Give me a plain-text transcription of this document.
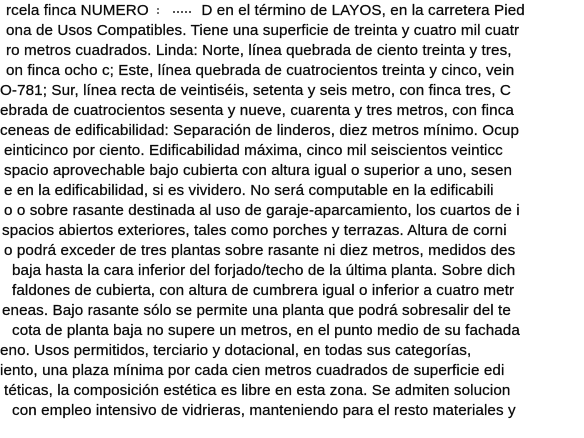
rcela finca NUMERO	D en el término de LAYOS, en la carretera Pied
ona de Usos Compatibles. Tiene una superficie de treinta y cuatro mil cuatr
ro metros cuadrados. Linda: Norte, línea quebrada de ciento treinta y tres,
on finca ocho c; Este, línea quebrada de cuatrocientos treinta y cinco, vein
O-781; Sur, línea recta de veintiséis, setenta y seis metro, con finca tres, C
ebrada de cuatrocientos sesenta y nueve, cuarenta y tres metros, con finca
ceneas de edificabilidad: Separación de linderos, diez metros mínimo. Ocup
einticinco por ciento. Edificabilidad máxima, cinco mil seiscientos veinticc
spacio aprovechable bajo cubierta con altura igual o superior a uno, sesen
e en la edificabilidad, si es vividero. No será computable en la edificabili
o o sobre rasante destinada al uso de garaje-aparcamiento, los cuartos de i
spacios abiertos exteriores, tales como porches y terrazas. Altura de corni
o podrá exceder de tres plantas sobre rasante ni diez metros, medidos des
baja hasta la cara inferior del forjado/techo de la última planta. Sobre dich
faldones de cubierta, con altura de cumbrera igual o inferior a cuatro metr
eneas. Bajo rasante sólo se permite una planta que podrá sobresalir del te
cota de planta baja no supere un metros, en el punto medio de su fachada
eno. Usos permitidos, terciario y dotacional, en todas sus categorías,
iento, una plaza mínima por cada cien metros cuadrados de superficie edi
téticas, la composición estética es libre en esta zona. Se admiten solucion
con empleo intensivo de vidrieras, manteniendo para el resto materiales y
